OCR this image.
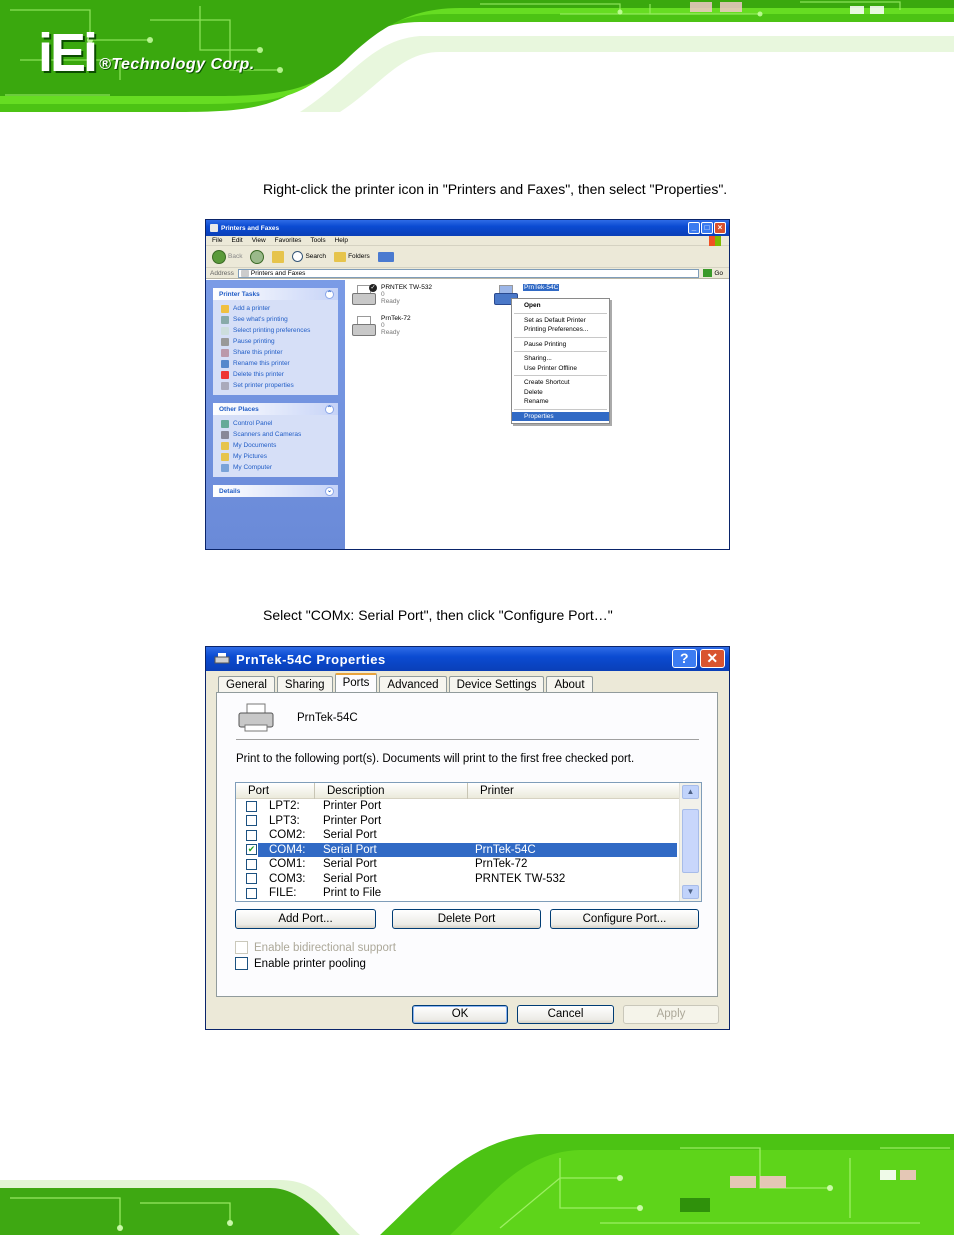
iEi ®Technology Corp.
Right-click the printer icon in "Printers and Faxes", then select "Properties".
Printers and Faxes	_	□	×
File Edit View Favorites Tools Help
Back	Search	Folders
Address	Printers and Faxes	Go
Printer Tasks	⌃
Add a printer
See what's printing
Select printing preferences
Pause printing
Share this printer
Rename this printer
Delete this printer
Set printer properties
Other Places	⌃
Control Panel
Scanners and Cameras
My Documents
My Pictures
My Computer
Details	⌄
✓ PRNTEK TW-532
0
Ready
PrnTek-72
0
Ready
PrnTek-54C
Open
Set as Default Printer
Printing Preferences...
Pause Printing
Sharing...
Use Printer Offline
Create Shortcut
Delete
Rename
Properties
Select "COMx: Serial Port", then click "Configure Port…"
PrnTek-54C Properties	?	✕
General	Sharing	Ports	Advanced	Device Settings	About
PrnTek-54C
Print to the following port(s). Documents will print to the first free checked port.
Port	Description	Printer
LPT2:	Printer Port
LPT3:	Printer Port
COM2:	Serial Port
✔ COM4:	Serial Port	PrnTek-54C
COM1:	Serial Port	PrnTek-72
COM3:	Serial Port	PRNTEK TW-532
FILE:	Print to File
▲
▼
Add Port...	Delete Port	Configure Port...
Enable bidirectional support
Enable printer pooling
OK	Cancel	Apply
